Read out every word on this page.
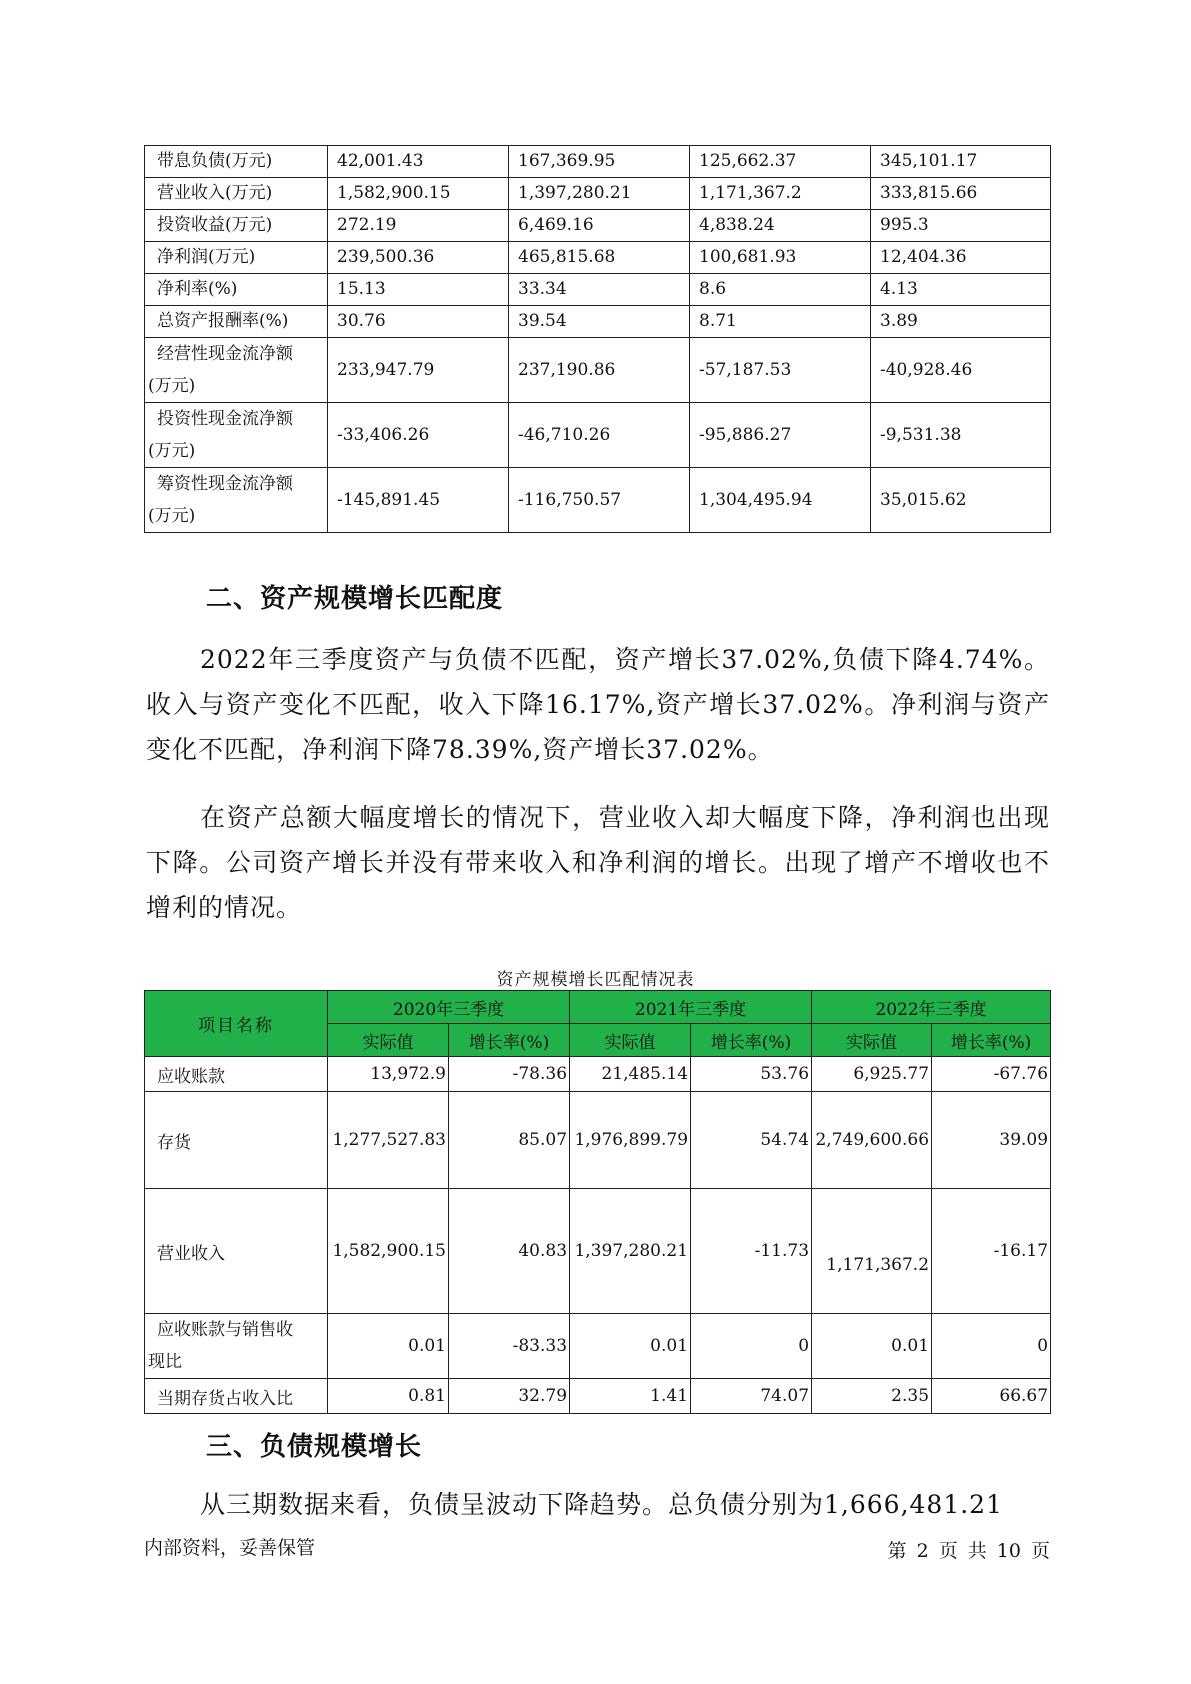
带息负债(万元)	42,001.43	167,369.95	125,662.37	345,101.17
营业收入(万元)	1,582,900.15	1,397,280.21	1,171,367.2	333,815.66
投资收益(万元)	272.19	6,469.16	4,838.24	995.3
净利润(万元)	239,500.36	465,815.68	100,681.93	12,404.36
净利率(%)	15.13	33.34	8.6	4.13
总资产报酬率(%)	30.76	39.54	8.71	3.89

经营性现金流净额
(万元)	233,947.79	237,190.86	-57,187.53	-40,928.46

投资性现金流净额
(万元)	-33,406.26	-46,710.26	-95,886.27	-9,531.38

筹资性现金流净额
(万元)	-145,891.45	-116,750.57	1,304,495.94	35,015.62
二、资产规模增长匹配度

2022年三季度资产与负债不匹配，资产增长37.02%,负债下降4.74%。收入与资产变化不匹配，收入下降16.17%,资产增长37.02%。净利润与资产变化不匹配，净利润下降78.39%,资产增长37.02%。

在资产总额大幅度增长的情况下，营业收入却大幅度下降，净利润也出现下降。公司资产增长并没有带来收入和净利润的增长。出现了增产不增收也不增利的情况。

资产规模增长匹配情况表
项目名称	2020年三季度		2021年三季度		2022年三季度	
	实际值	增长率(%)	实际值	增长率(%)	实际值	增长率(%)
应收账款	13,972.9	-78.36	21,485.14	53.76	6,925.77	-67.76
存货	1,277,527.83	85.07	1,976,899.79	54.74	2,749,600.66	39.09
营业收入	1,582,900.15	40.83	1,397,280.21	-11.73	1,171,367.2	-16.17

应收账款与销售收
现比	0.01	-83.33	0.01	0	0.01	0
当期存货占收入比	0.81	32.79	1.41	74.07	2.35	66.67
三、负债规模增长

从三期数据来看，负债呈波动下降趋势。总负债分别为1,666,481.21

内部资料，妥善保管	第 2 页 共 10 页
